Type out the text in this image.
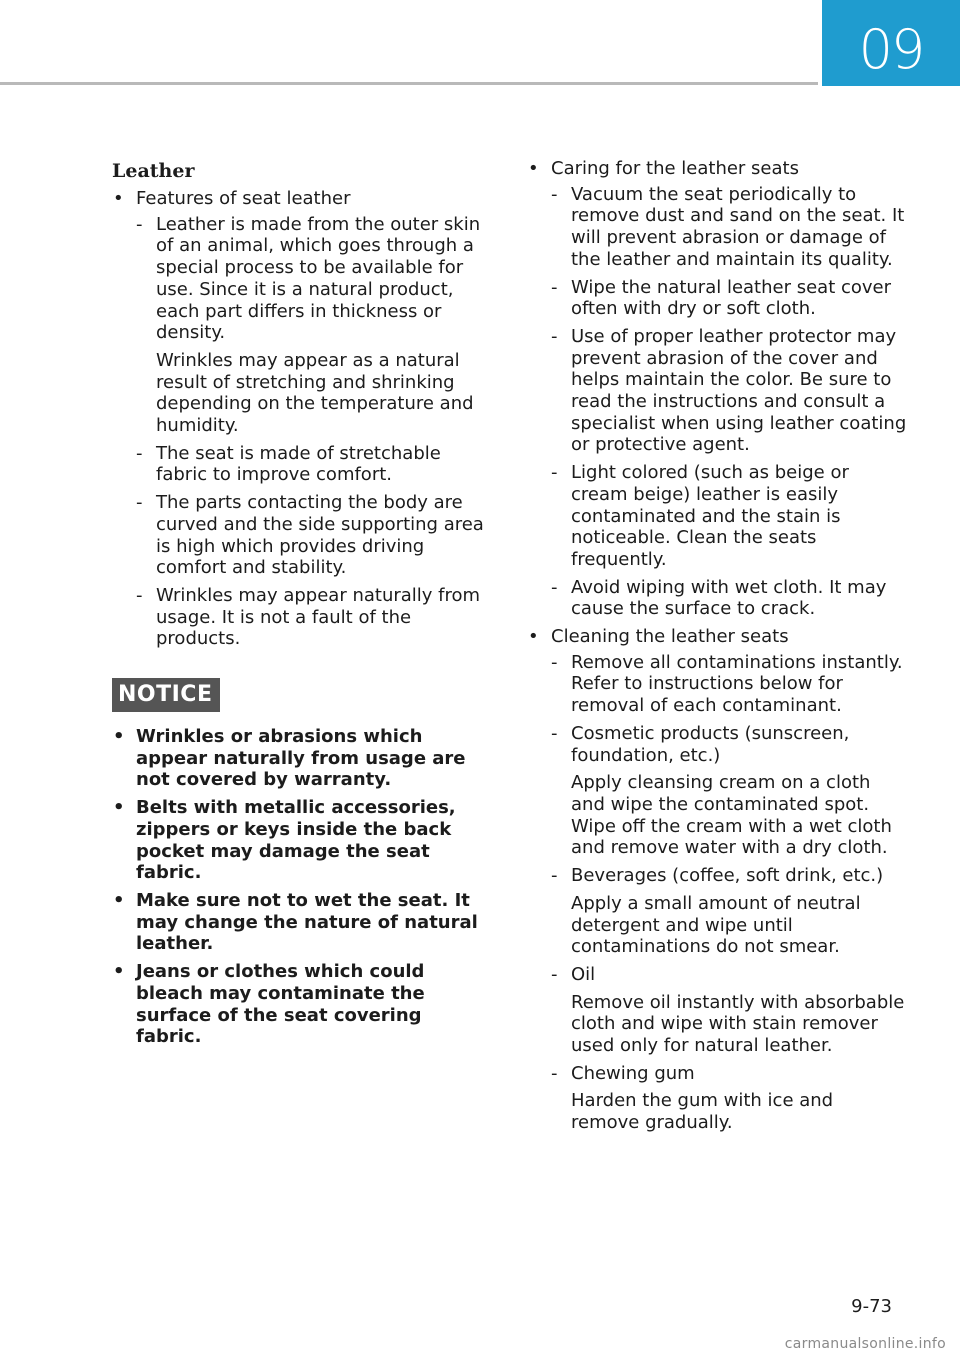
09
Leather
• Features of seat leather
- Leather is made from the outer skin of an animal, which goes through a special process to be available for use. Since it is a natural product, each part differs in thickness or density.
Wrinkles may appear as a natural result of stretching and shrinking depending on the temperature and humidity.
- The seat is made of stretchable fabric to improve comfort.
- The parts contacting the body are curved and the side supporting area is high which provides driving comfort and stability.
- Wrinkles may appear naturally from usage. It is not a fault of the products.
NOTICE
• Wrinkles or abrasions which appear naturally from usage are not covered by warranty.
• Belts with metallic accessories, zippers or keys inside the back pocket may damage the seat fabric.
• Make sure not to wet the seat. It may change the nature of natural leather.
• Jeans or clothes which could bleach may contaminate the surface of the seat covering fabric.
• Caring for the leather seats
- Vacuum the seat periodically to remove dust and sand on the seat. It will prevent abrasion or damage of the leather and maintain its quality.
- Wipe the natural leather seat cover often with dry or soft cloth.
- Use of proper leather protector may prevent abrasion of the cover and helps maintain the color. Be sure to read the instructions and consult a specialist when using leather coating or protective agent.
- Light colored (such as beige or cream beige) leather is easily contaminated and the stain is noticeable. Clean the seats frequently.
- Avoid wiping with wet cloth. It may cause the surface to crack.
• Cleaning the leather seats
- Remove all contaminations instantly. Refer to instructions below for removal of each contaminant.
- Cosmetic products (sunscreen, foundation, etc.)
Apply cleansing cream on a cloth and wipe the contaminated spot. Wipe off the cream with a wet cloth and remove water with a dry cloth.
- Beverages (coffee, soft drink, etc.)
Apply a small amount of neutral detergent and wipe until contaminations do not smear.
- Oil
Remove oil instantly with absorbable cloth and wipe with stain remover used only for natural leather.
- Chewing gum
Harden the gum with ice and remove gradually.
9-73
carmanualsonline.info
